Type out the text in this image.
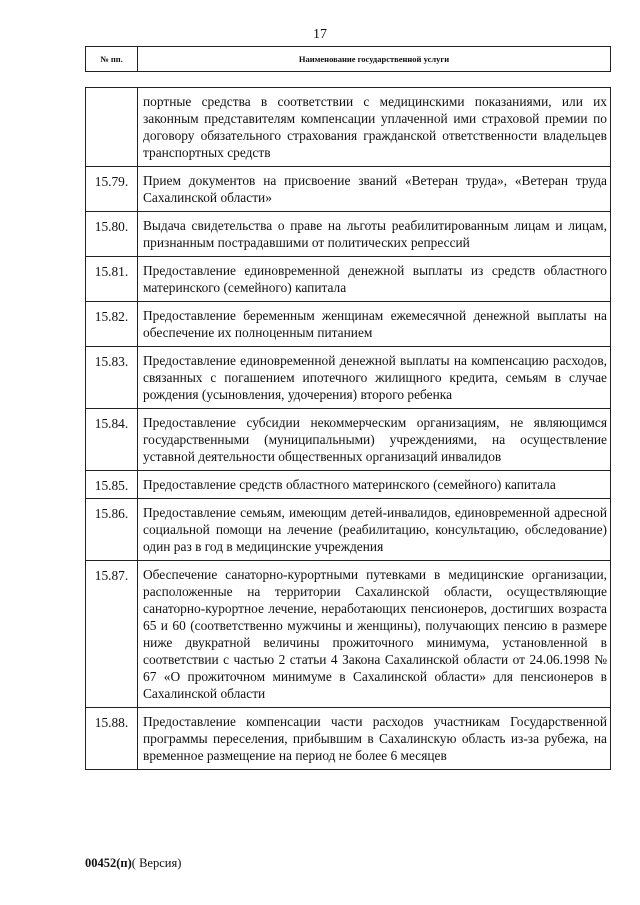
17
№ пп.	Наименование государственной услуги
	портные средства в соответствии с медицинскими показаниями, или их законным представителям компенсации уплаченной ими страховой премии по договору обязательного страхования гражданской ответственности владельцев транспортных средств
15.79.	Прием документов на присвоение званий «Ветеран труда», «Ветеран труда Сахалинской области»
15.80.	Выдача свидетельства о праве на льготы реабилитированным лицам и лицам, признанным пострадавшими от политических репрессий
15.81.	Предоставление единовременной денежной выплаты из средств областного материнского (семейного) капитала
15.82.	Предоставление беременным женщинам ежемесячной денежной выплаты на обеспечение их полноценным питанием
15.83.	Предоставление единовременной денежной выплаты на компенсацию расходов, связанных с погашением ипотечного жилищного кредита, семьям в случае рождения (усыновления, удочерения) второго ребенка
15.84.	Предоставление субсидии некоммерческим организациям, не являющимся государственными (муниципальными) учреждениями, на осуществление уставной деятельности общественных организаций инвалидов
15.85.	Предоставление средств областного материнского (семейного) капитала
15.86.	Предоставление семьям, имеющим детей-инвалидов, единовременной адресной социальной помощи на лечение (реабилитацию, консультацию, обследование) один раз в год в медицинские учреждения
15.87.	Обеспечение санаторно-курортными путевками в медицинские организации, расположенные на территории Сахалинской области, осуществляющие санаторно-курортное лечение, неработающих пенсионеров, достигших возраста 65 и 60 (соответственно мужчины и женщины), получающих пенсию в размере ниже двукратной величины прожиточного минимума, установленной в соответствии с частью 2 статьи 4 Закона Сахалинской области от 24.06.1998 № 67 «О прожиточном минимуме в Сахалинской области» для пенсионеров в Сахалинской области
15.88.	Предоставление компенсации части расходов участникам Государственной программы переселения, прибывшим в Сахалинскую область из-за рубежа, на временное размещение на период не более 6 месяцев
00452(п)( Версия)
